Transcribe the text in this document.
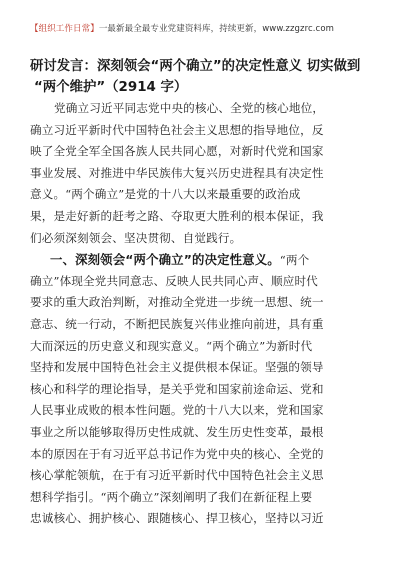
【组织工作日常】一最新最全最专业党建资料库，持续更新，www.zzgzrc.com
研讨发言：深刻领会“两个确立”的决定性意义 切实做到
“两个维护”（2914 字）
党确立习近平同志党中央的核心、全党的核心地位，
确立习近平新时代中国特色社会主义思想的指导地位，反
映了全党全军全国各族人民共同心愿，对新时代党和国家
事业发展、对推进中华民族伟大复兴历史进程具有决定性
意义。“两个确立”是党的十八大以来最重要的政治成
果，是走好新的赶考之路、夺取更大胜利的根本保证，我
们必须深刻领会、坚决贯彻、自觉践行。
一、深刻领会“两个确立”的决定性意义。“两个
确立”体现全党共同意志、反映人民共同心声、顺应时代
要求的重大政治判断，对推动全党进一步统一思想、统一
意志、统一行动，不断把民族复兴伟业推向前进，具有重
大而深远的历史意义和现实意义。“两个确立”为新时代
坚持和发展中国特色社会主义提供根本保证。坚强的领导
核心和科学的理论指导，是关乎党和国家前途命运、党和
人民事业成败的根本性问题。党的十八大以来，党和国家
事业之所以能够取得历史性成就、发生历史性变革，最根
本的原因在于有习近平总书记作为党中央的核心、全党的
核心掌舵领航，在于有习近平新时代中国特色社会主义思
想科学指引。“两个确立”深刻阐明了我们在新征程上要
忠诚核心、拥护核心、跟随核心、捍卫核心，坚持以习近
